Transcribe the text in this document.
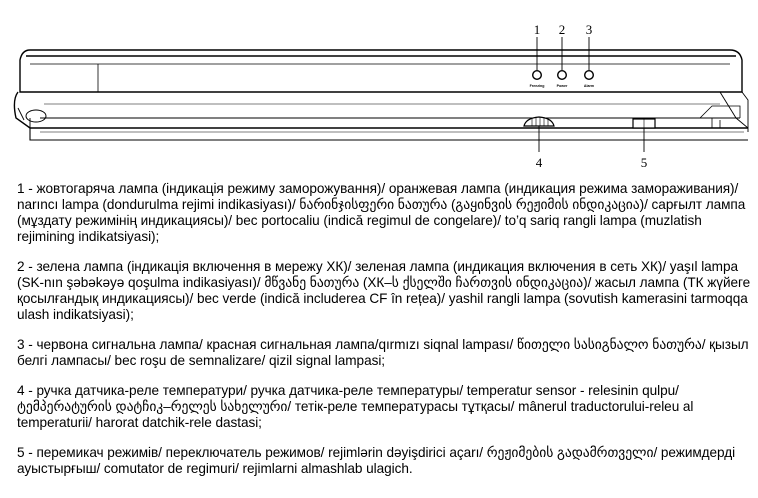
Freezing	Power	Alarm
1 2 3
4	5

1 - жовтогаряча лампа (індикація режиму заморожування)/ оранжевая лампа (индикация режима замораживания)/ narıncı lampa (dondurulma rejimi indikasiyası)/ ნარინჯისფერი ნათურა (გაყინვის რეჟიმის ინდიკაცია)/ сарғылт лампа (мұздату режимінің индикациясы)/ bec portocaliu (indică regimul de congelare)/ to’q sariq rangli lampa (muzlatish rejimining indikatsiyasi);

2 - зелена лампа (індикація включення в мережу ХК)/ зеленая лампа (индикация включения в сеть ХК)/ yaşıl lampa (SK-nın şəbəkəyə qoşulma indikasiyası)/ მწვანე ნათურა (ХК–ს ქსელში ჩართვის ინდიკაცია)/ жасыл лампа (ТК жүйеге қосылғандық индикациясы)/ bec verde (indică includerea CF în rețea)/ yashil rangli lampa (sovutish kamerasini tarmoqqa ulash indikatsiyasi);

3 - червона сигнальна лампа/ красная сигнальная лампа/qırmızı siqnal lampası/ წითელი სასიგნალო ნათურა/ қызыл белгі лампасы/ bec roşu de semnalizare/ qizil signal lampasi;

4 - ручка датчика-реле температури/ ручка датчика-реле температуры/ temperatur sensor - relesinin qulpu/ ტემპერატურის დატჩიკ–რელეს სახელური/ тетік-реле температурасы тұтқасы/ mânerul traductorului-releu al temperaturii/ harorat datchik-rele dastasi;

5 - перемикач режимів/ переключатель режимов/ rejimlərin dəyişdirici açarı/ რეჟიმების გადამრთველი/ режимдерді ауыстырғыш/ comutator de regimuri/ rejimlarni almashlab ulagich.
